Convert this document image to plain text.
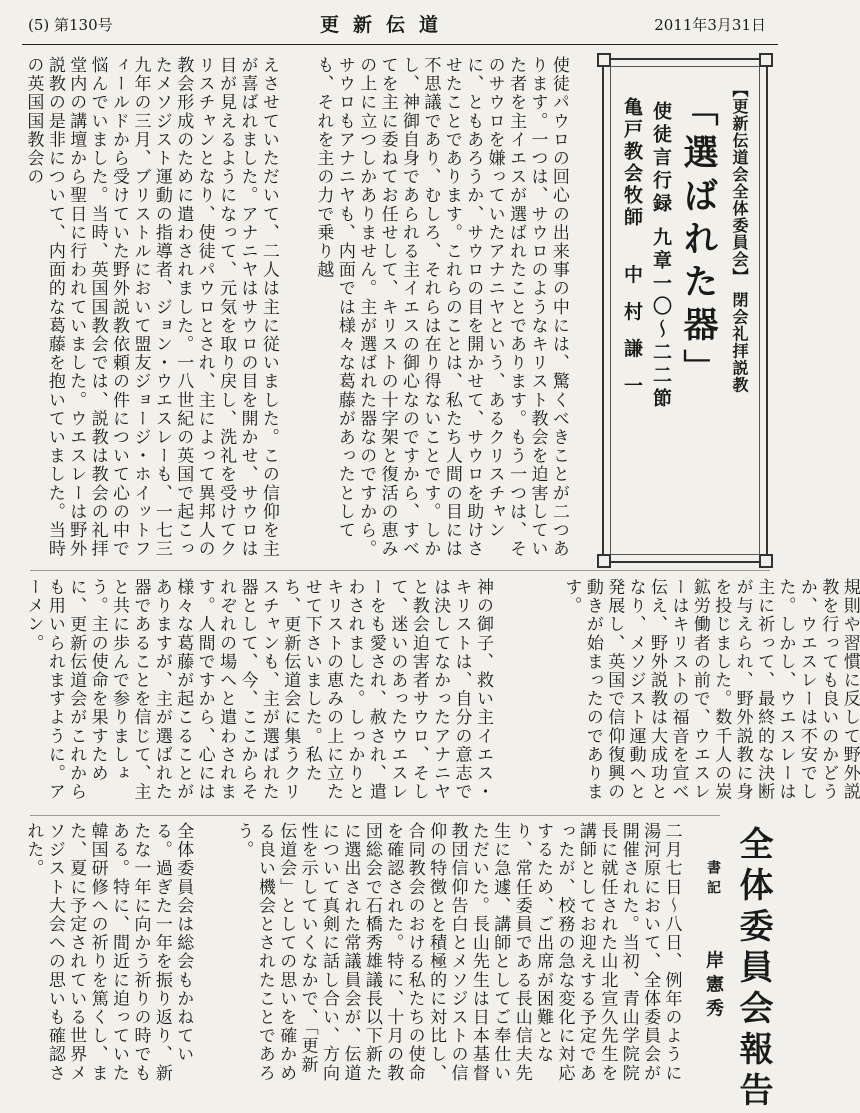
(5) 第130号	更新伝道	2011年3月31日
【更新伝道会全体委員会】 閉会礼拝説教
「選ばれた器」
使徒言行録 九章一〇～二二節
亀戸教会牧師  中村謙一
使徒パウロの回心の出来事の中には、驚くべきことが二つあります。一つは、サウロのようなキリスト教会を迫害していた者を主イエスが選ばれたことであります。もう一つは、そのサウロを嫌っていたアナニヤという、あるクリスチャンに、ともあろうか、サウロの目を開かせて、サウロを助けさせたことであります。これらのことは、私たち人間の目には不思議であり、むしろ、それらは在り得ないことです。しかし、神御自身であられる主イエスの御心なのですから、すべてを主に委ねてお任せして、キリストの十字架と復活の恵みの上に立つしかありません。主が選ばれた器なのですから。サウロもアナニヤも、内面では様々な葛藤があったとしても、それを主の力で乗り越
えさせていただいて、二人は主に従いました。この信仰を主が喜ばれました。アナニヤはサウロの目を開かせ、サウロは目が見えるようになって、元気を取り戻し、洗礼を受けてクリスチャンとなり、使徒パウロとされ、主によって異邦人の教会形成のために遣わされました。一八世紀の英国で起こったメソジスト運動の指導者、ジョン・ウエスレーも、一七三九年の三月、ブリストルにおいて盟友ジョージ・ホイットフィールドから受けていた野外説教依頼の件について心の中で悩んでいました。当時、英国国教会では、説教は教会の礼拝堂内の講壇から聖日に行われていました。ウエスレーは野外説教の是非について、内面的な葛藤を抱いていました。当時の英国国教会の
規則や習慣に反して野外説教を行っても良いのかどうか、ウエスレーは不安でした。しかし、ウエスレーは主に祈って、最終的な決断が与えられ、野外説教に身を投じました。数千人の炭鉱労働者の前で、ウエスレーはキリストの福音を宣べ伝え、野外説教は大成功となり、メソジスト運動へと発展し、英国で信仰復興の動きが始まったのであります。
神の御子、救い主イエス・キリストは、自分の意志では決してなかったアナニヤと教会迫害者サウロ、そして、迷いのあったウエスレーをも愛され、赦され、遣わされました。しっかりとキリストの恵みの上に立たせて下さいました。私たち、更新伝道会に集うクリスチャンも、主が選ばれた器として、今、ここからそれぞれの場へと遣わされます。人間ですから、心には様々な葛藤が起こることがありますが、主が選ばれた器であることを信じて、主と共に歩んで参りましょう。主の使命を果すために、更新伝道会がこれからも用いられますように。アーメン。
全体委員会報告
書記  岸憲秀
二月七日～八日、例年のように湯河原において、全体委員会が開催された。当初、青山学院院長に就任された山北宣久先生を講師としてお迎えする予定であったが、校務の急な変化に対応するため、ご出席が困難となり、常任委員である長山信夫先生に急遽、講師としてご奉仕いただいた。長山先生は日本基督教団信仰告白とメソジストの信仰の特徴とを積極的に対比し、合同教会のおける私たちの使命を確認された。特に、十月の教団総会で石橋秀雄議長以下新たに選出された常議員会が、伝道について真剣に話し合い、方向性を示していくなかで、「更新伝道会」としての思いを確かめる良い機会とされたことであろう。
全体委員会は総会もかねている。過ぎた一年を振り返り、新たな一年に向かう祈りの時でもある。特に、間近に迫っていた韓国研修への祈りを篤くし、また、夏に予定されている世界メソジスト大会への思いも確認された。
